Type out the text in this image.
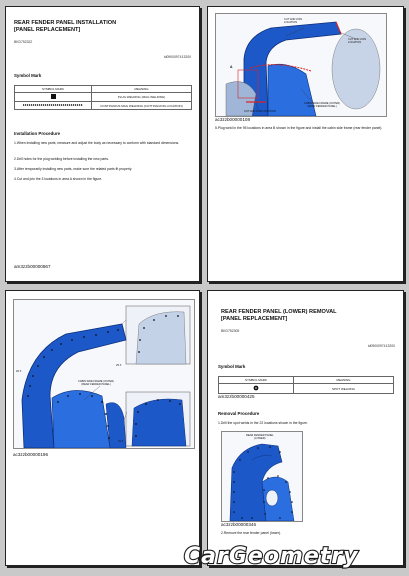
REAR FENDER PANEL INSTALLATION
[PANEL REPLACEMENT]
BKD752322
id0900097413200
Symbol Mark
SYMBOL MARK	MEANING
	PLUG WELDING (MAG WELDING)
	CONTINUOUS MAG WELDING (CUTTING/JOIN LOCATION)
Installation Procedure
1.When installing new parts, measure and adjust the body as necessary to conform with standard dimensions.
2.Drill holes for the plug welding before installing the new parts.
3.After temporarily installing new parts, make sure the related parts fit properly.
4.Cut and join the 3 locations in area A shown in the figure.
am3zzb00000867
A
CUT AND JOIN
LOCATION
CUT AND JOIN
LOCATION
CUT AND JOIN LOCATION
CABIN SIDE FRAME (OUTER)
(REAR FENDER PANEL)
ac3zzb00000108
5.Plug weld in the 95 locations in area B shown in the figure and install the cabin side frame (rear fender panel).
CABIN SIDE FRAME (OUTER)
(REAR FENDER PANEL)
26 X
25 X
31 X
ac3zzb00000196
REAR FENDER PANEL (LOWER) REMOVAL
[PANEL REPLACEMENT]
BKD752305
id0900097413200
Symbol Mark
SYMBOL MARK	MEANING
	SPOT WELDING
am3zzb00000425
Removal Procedure
1.Drill the spot welds in the 22 locations shown in the figure.
REAR FENDER PANEL
(LOWER)
ac3zzb00000346
2.Remove the rear fender panel (lower).
CarGeometry
